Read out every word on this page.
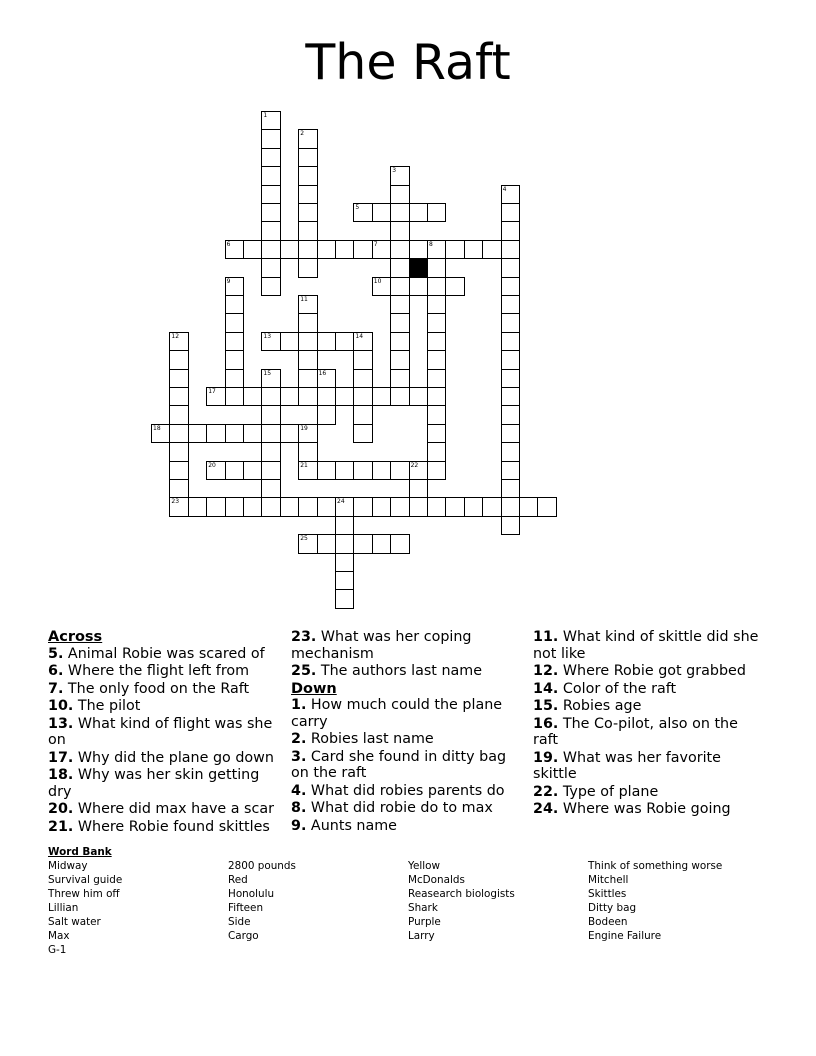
The Raft
1
2
3
4
5
6	7	8
9	10
11
12	13	14
15	16
17
18	19
21
20	22
23	24
25
Across
5. Animal Robie was scared of
6. Where the flight left from
7. The only food on the Raft
10. The pilot
13. What kind of flight was she on
17. Why did the plane go down
18. Why was her skin getting dry
20. Where did max have a scar
21. Where Robie found skittles
23. What was her coping mechanism
25. The authors last name
Down
1. How much could the plane carry
2. Robies last name
3. Card she found in ditty bag on the raft
4. What did robies parents do
8. What did robie do to max
9. Aunts name
11. What kind of skittle did she not like
12. Where Robie got grabbed
14. Color of the raft
15. Robies age
16. The Co-pilot, also on the raft
19. What was her favorite skittle
22. Type of plane
24. Where was Robie going
Word Bank
Midway
Survival guide
Threw him off
Lillian
Salt water
Max
G-1
2800 pounds
Red
Honolulu
Fifteen
Side
Cargo
Yellow
McDonalds
Reasearch biologists
Shark
Purple
Larry
Think of something worse
Mitchell
Skittles
Ditty bag
Bodeen
Engine Failure
